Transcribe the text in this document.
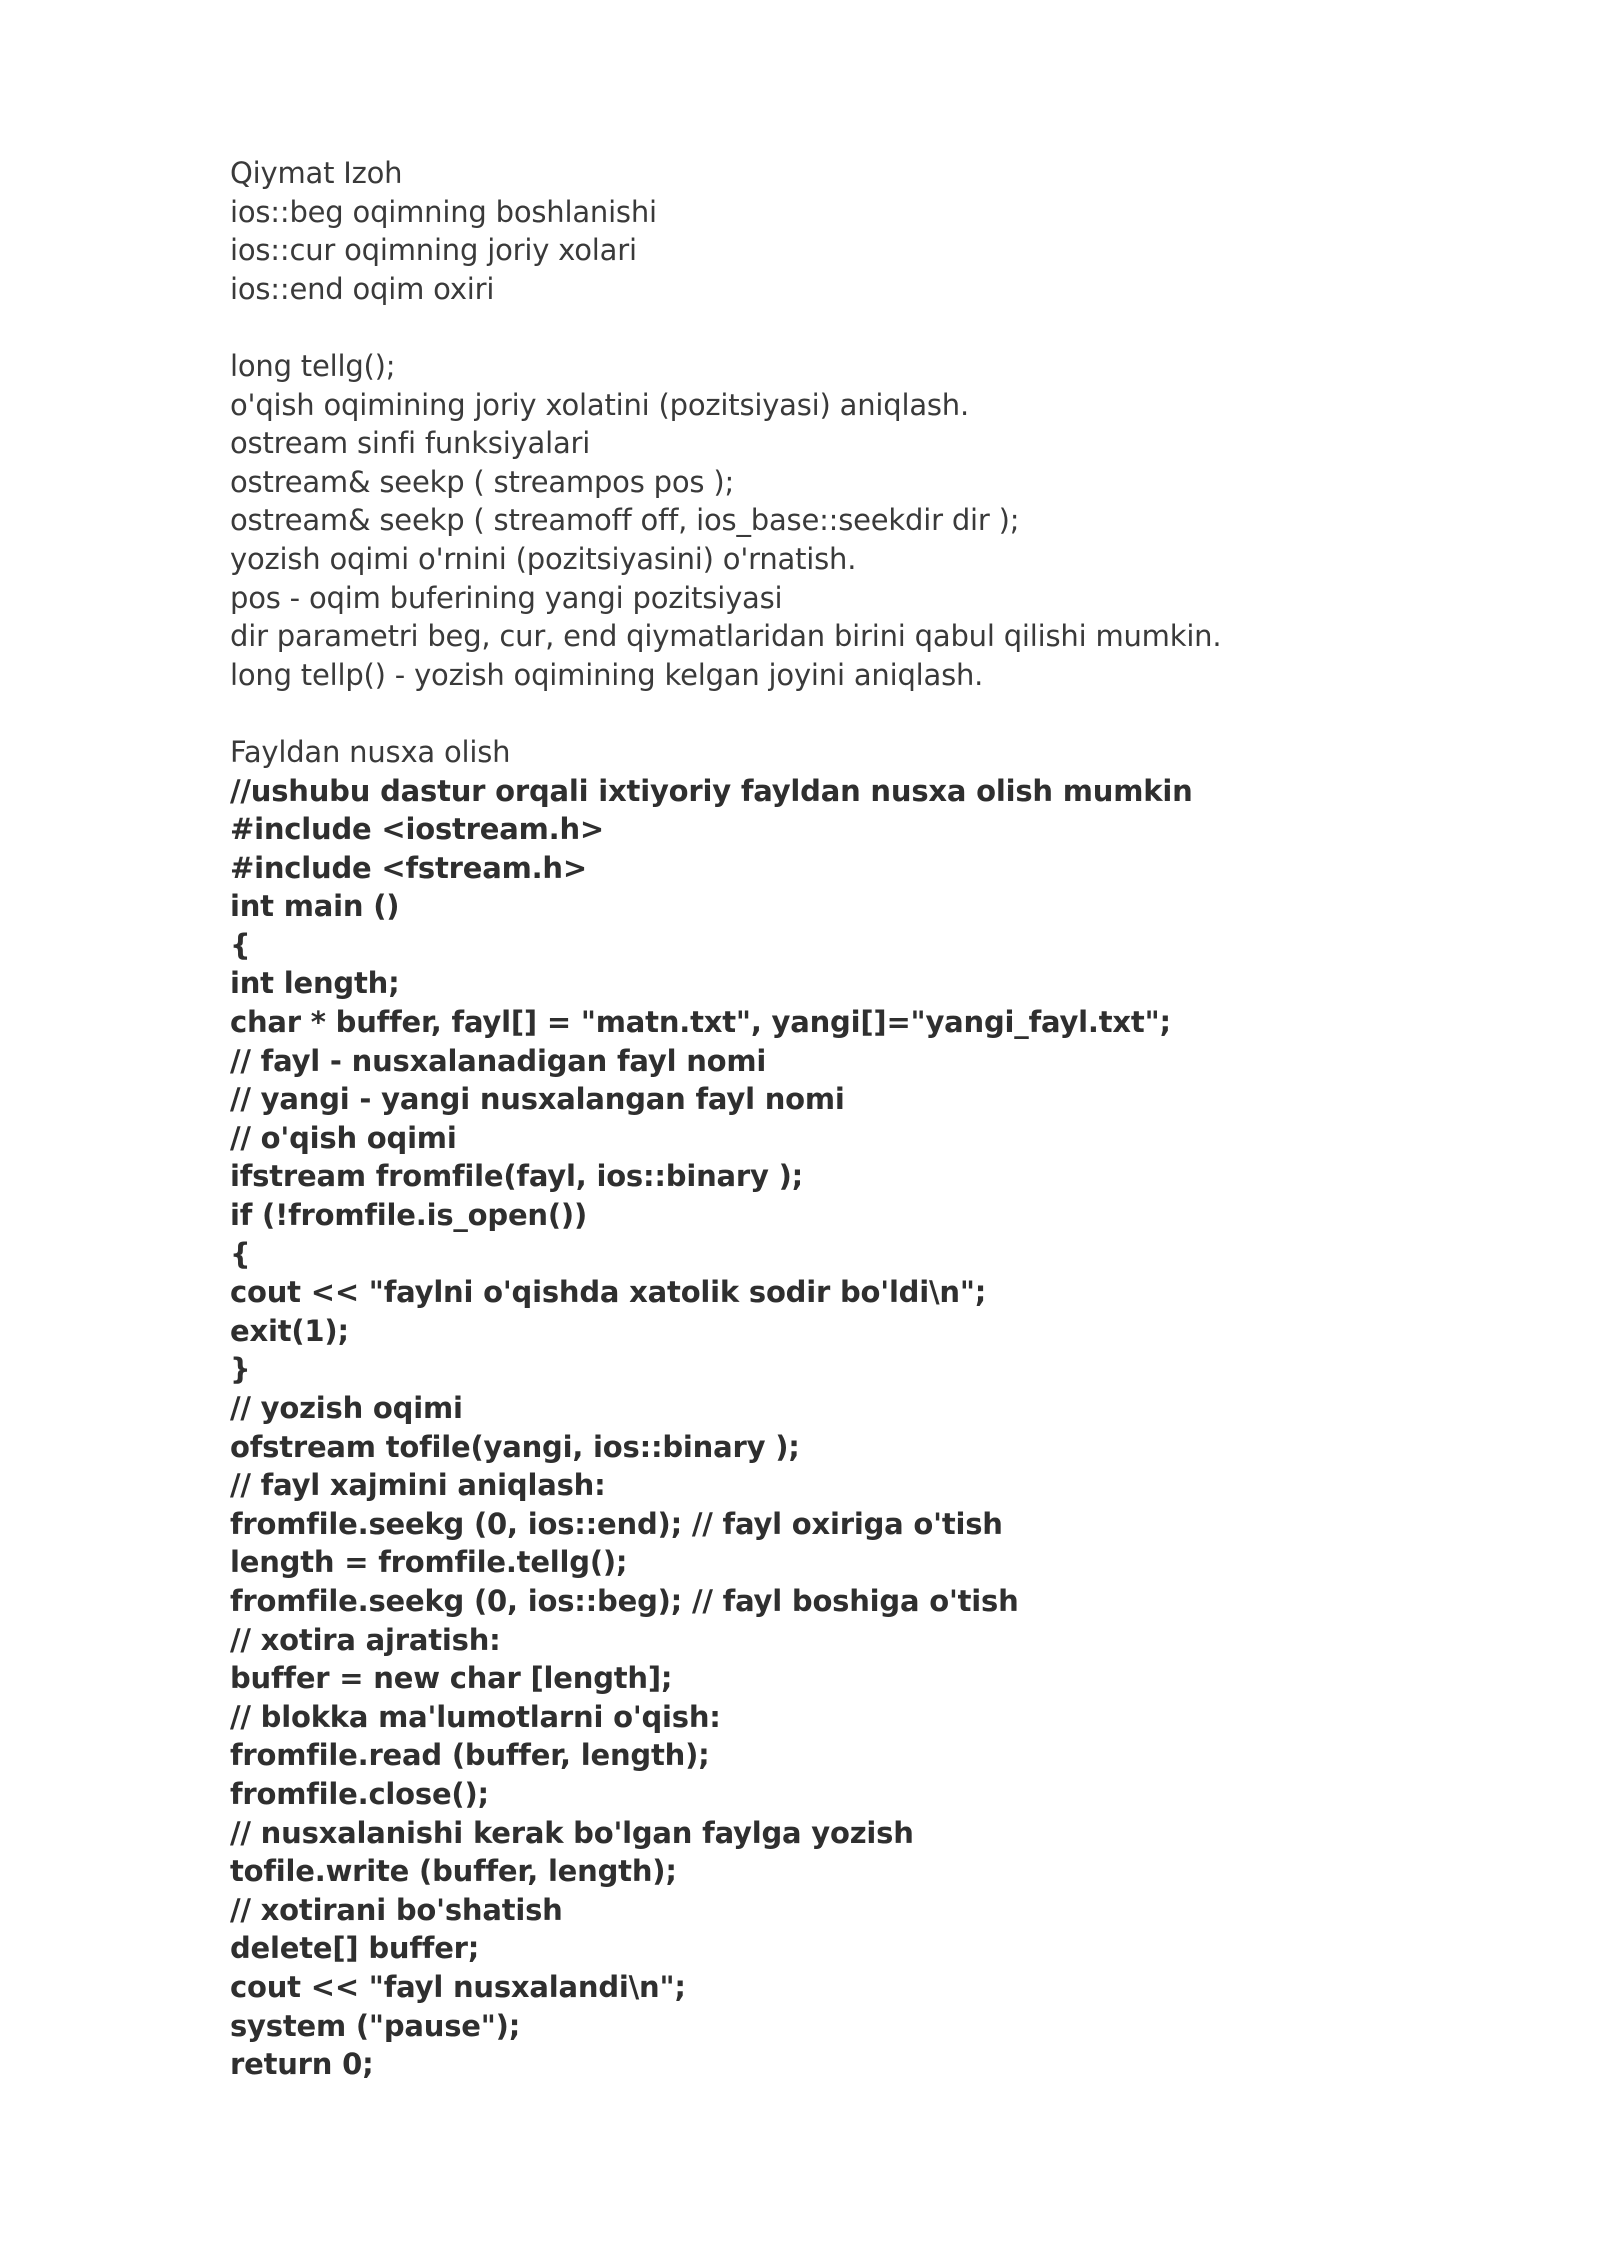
Qiymat Izoh
ios::beg oqimning boshlanishi
ios::cur oqimning joriy xolari
ios::end oqim oxiri
long tellg();
o'qish oqimining joriy xolatini (pozitsiyasi) aniqlash.
ostream sinfi funksiyalari
ostream& seekp ( streampos pos );
ostream& seekp ( streamoff off, ios_base::seekdir dir );
yozish oqimi o'rnini (pozitsiyasini) o'rnatish.
pos - oqim buferining yangi pozitsiyasi
dir parametri beg, cur, end qiymatlaridan birini qabul qilishi mumkin.
long tellp() - yozish oqimining kelgan joyini aniqlash.
Fayldan nusxa olish
//ushubu dastur orqali ixtiyoriy fayldan nusxa olish mumkin
#include <iostream.h>
#include <fstream.h>
int main ()
{
int length;
char * buffer, fayl[] = "matn.txt", yangi[]="yangi_fayl.txt";
// fayl - nusxalanadigan fayl nomi
// yangi - yangi nusxalangan fayl nomi
// o'qish oqimi
ifstream fromfile(fayl, ios::binary );
if (!fromfile.is_open())
{
cout << "faylni o'qishda xatolik sodir bo'ldi\n";
exit(1);
}
// yozish oqimi
ofstream tofile(yangi, ios::binary );
// fayl xajmini aniqlash:
fromfile.seekg (0, ios::end); // fayl oxiriga o'tish
length = fromfile.tellg();
fromfile.seekg (0, ios::beg); // fayl boshiga o'tish
// xotira ajratish:
buffer = new char [length];
// blokka ma'lumotlarni o'qish:
fromfile.read (buffer, length);
fromfile.close();
// nusxalanishi kerak bo'lgan faylga yozish
tofile.write (buffer, length);
// xotirani bo'shatish
delete[] buffer;
cout << "fayl nusxalandi\n";
system ("pause");
return 0;
